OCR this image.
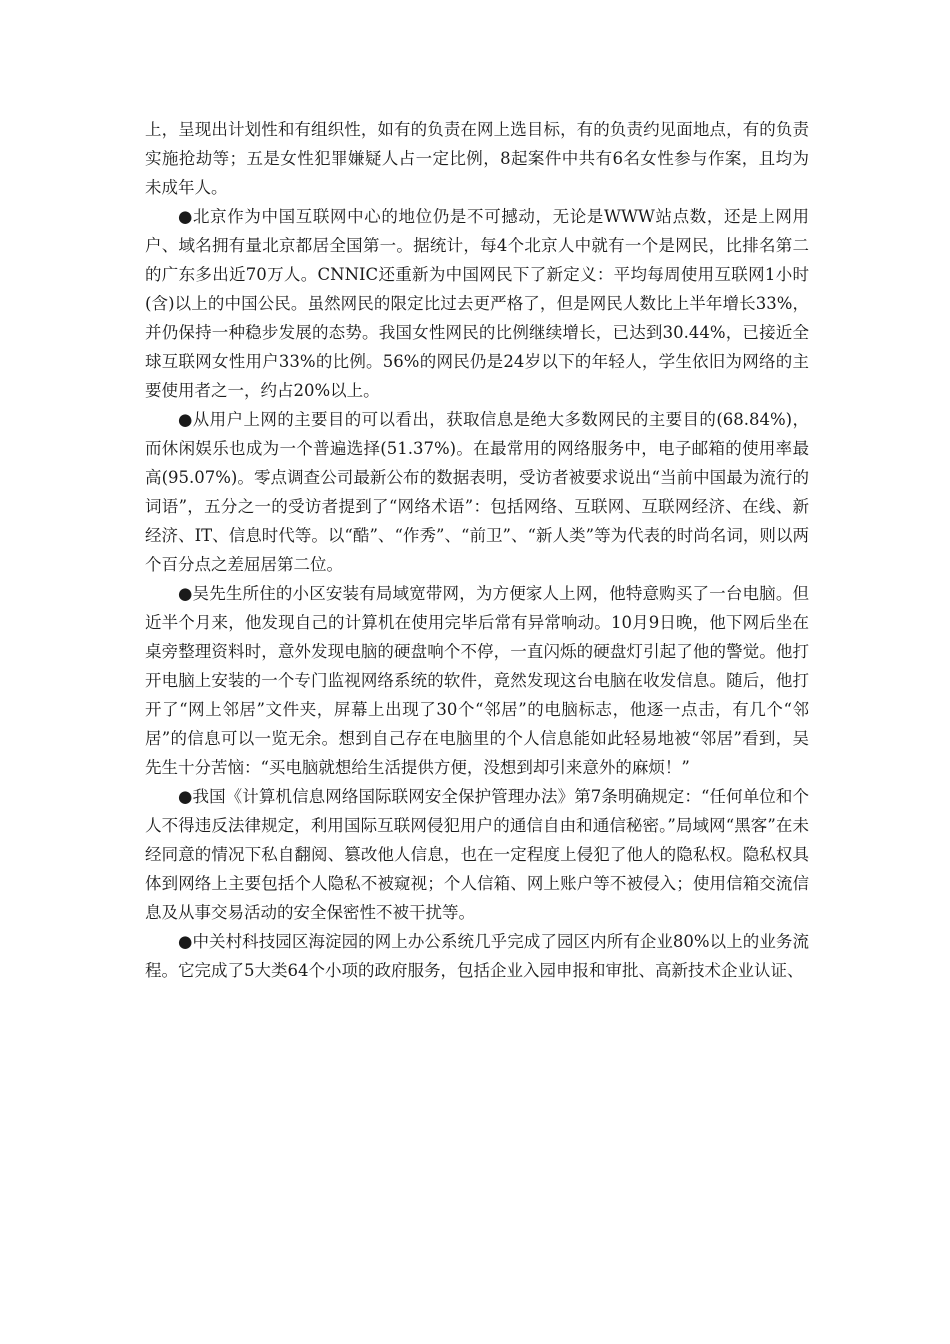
上，呈现出计划性和有组织性，如有的负责在网上选目标，有的负责约见面地点，有的负责实施抢劫等；五是女性犯罪嫌疑人占一定比例，8起案件中共有6名女性参与作案，且均为未成年人。

●北京作为中国互联网中心的地位仍是不可撼动，无论是WWW站点数，还是上网用户、域名拥有量北京都居全国第一。据统计，每4个北京人中就有一个是网民，比排名第二的广东多出近70万人。CNNIC还重新为中国网民下了新定义：平均每周使用互联网1小时(含)以上的中国公民。虽然网民的限定比过去更严格了，但是网民人数比上半年增长33%，并仍保持一种稳步发展的态势。我国女性网民的比例继续增长，已达到30.44%，已接近全球互联网女性用户33%的比例。56%的网民仍是24岁以下的年轻人，学生依旧为网络的主要使用者之一，约占20%以上。

●从用户上网的主要目的可以看出，获取信息是绝大多数网民的主要目的(68.84%)，而休闲娱乐也成为一个普遍选择(51.37%)。在最常用的网络服务中，电子邮箱的使用率最高(95.07%)。零点调查公司最新公布的数据表明，受访者被要求说出“当前中国最为流行的词语”，五分之一的受访者提到了“网络术语”：包括网络、互联网、互联网经济、在线、新经济、IT、信息时代等。以“酷”、“作秀”、“前卫”、“新人类”等为代表的时尚名词，则以两个百分点之差屈居第二位。

●吴先生所住的小区安装有局域宽带网，为方便家人上网，他特意购买了一台电脑。但近半个月来，他发现自己的计算机在使用完毕后常有异常响动。10月9日晚，他下网后坐在桌旁整理资料时，意外发现电脑的硬盘响个不停，一直闪烁的硬盘灯引起了他的警觉。他打开电脑上安装的一个专门监视网络系统的软件，竟然发现这台电脑在收发信息。随后，他打开了“网上邻居”文件夹，屏幕上出现了30个“邻居”的电脑标志，他逐一点击，有几个“邻居”的信息可以一览无余。想到自己存在电脑里的个人信息能如此轻易地被“邻居”看到，吴先生十分苦恼：“买电脑就想给生活提供方便，没想到却引来意外的麻烦！”

●我国《计算机信息网络国际联网安全保护管理办法》第7条明确规定：“任何单位和个人不得违反法律规定，利用国际互联网侵犯用户的通信自由和通信秘密。”局域网“黑客”在未经同意的情况下私自翻阅、篡改他人信息，也在一定程度上侵犯了他人的隐私权。隐私权具体到网络上主要包括个人隐私不被窥视；个人信箱、网上账户等不被侵入；使用信箱交流信息及从事交易活动的安全保密性不被干扰等。

●中关村科技园区海淀园的网上办公系统几乎完成了园区内所有企业80%以上的业务流程。它完成了5大类64个小项的政府服务，包括企业入园申报和审批、高新技术企业认证、
